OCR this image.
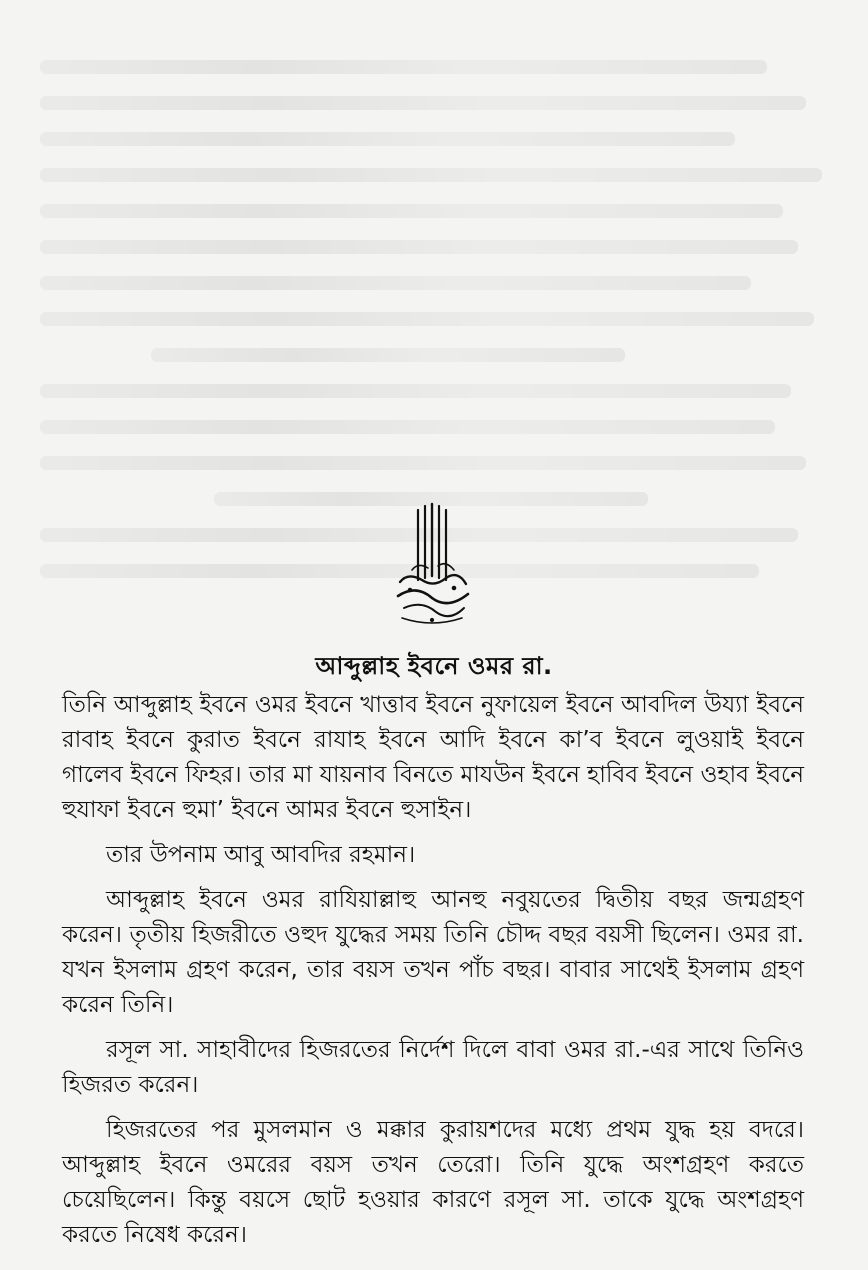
আব্দুল্লাহ ইবনে ওমর রা.

তিনি আব্দুল্লাহ ইবনে ওমর ইবনে খাত্তাব ইবনে নুফায়েল ইবনে আবদিল উয্যা ইবনে রাবাহ ইবনে কুরাত ইবনে রাযাহ ইবনে আদি ইবনে কা’ব ইবনে লুওয়াই ইবনে গালেব ইবনে ফিহর। তার মা যায়নাব বিনতে মাযউন ইবনে হাবিব ইবনে ওহাব ইবনে হুযাফা ইবনে হুমা’ ইবনে আমর ইবনে হুসাইন।

তার উপনাম আবু আবদির রহমান।

আব্দুল্লাহ ইবনে ওমর রাযিয়াল্লাহু আনহু নবুয়তের দ্বিতীয় বছর জন্মগ্রহণ করেন। তৃতীয় হিজরীতে ওহুদ যুদ্ধের সময় তিনি চৌদ্দ বছর বয়সী ছিলেন। ওমর রা. যখন ইসলাম গ্রহণ করেন, তার বয়স তখন পাঁচ বছর। বাবার সাথেই ইসলাম গ্রহণ করেন তিনি।

রসূল সা. সাহাবীদের হিজরতের নির্দেশ দিলে বাবা ওমর রা.-এর সাথে তিনিও হিজরত করেন।

হিজরতের পর মুসলমান ও মক্কার কুরায়শদের মধ্যে প্রথম যুদ্ধ হয় বদরে। আব্দুল্লাহ ইবনে ওমরের বয়স তখন তেরো। তিনি যুদ্ধে অংশগ্রহণ করতে চেয়েছিলেন। কিন্তু বয়সে ছোট হওয়ার কারণে রসূল সা. তাকে যুদ্ধে অংশগ্রহণ করতে নিষেধ করেন।
